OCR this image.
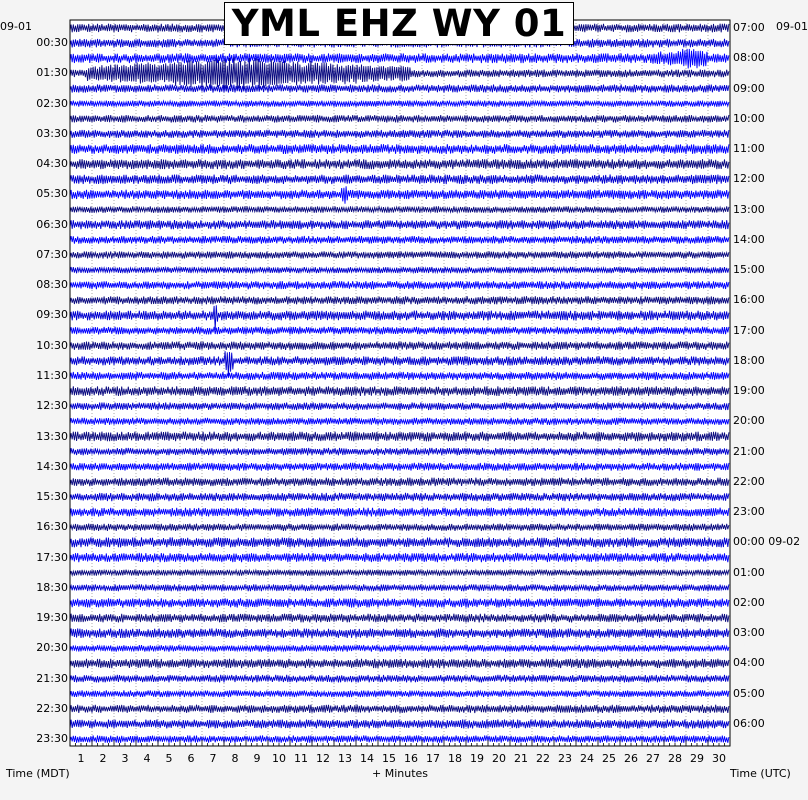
YML EHZ WY 01
09-01	09-01
00:30
01:30
02:30
03:30
04:30
05:30
06:30
07:30
08:30
09:30
10:30
11:30
12:30
13:30
14:30
15:30
16:30
17:30
18:30
19:30
20:30
21:30
22:30
23:30
07:00
08:00
09:00
10:00
11:00
12:00
13:00
14:00
15:00
16:00
17:00
18:00
19:00
20:00
21:00
22:00
23:00
00:00 09-02
01:00
02:00
03:00
04:00
05:00
06:00
1 2 3 4 5 6 7 8 9 10 11 12 13 14 15 16 17 18 19 20 21 22 23 24 25 26 27 28 29 30
Time (MDT)	+ Minutes	Time (UTC)
